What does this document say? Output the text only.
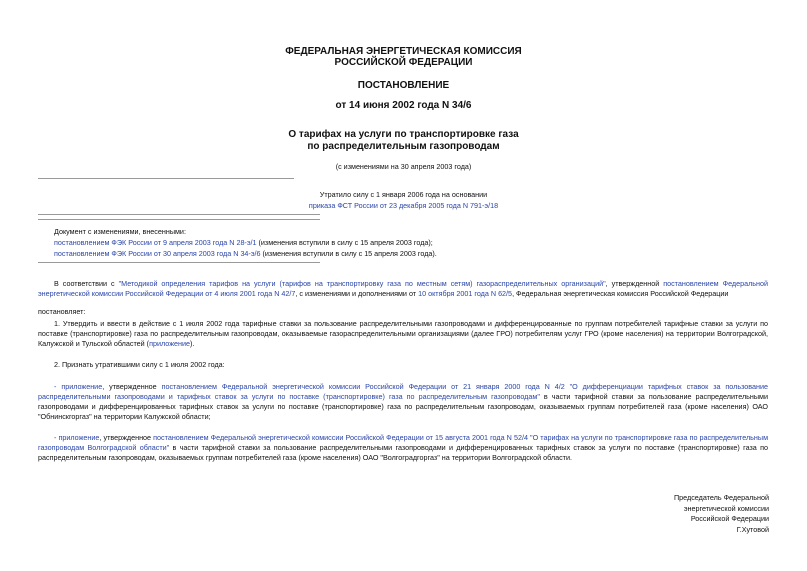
ФЕДЕРАЛЬНАЯ ЭНЕРГЕТИЧЕСКАЯ КОМИССИЯ
РОССИЙСКОЙ ФЕДЕРАЦИИ
ПОСТАНОВЛЕНИЕ
от 14 июня 2002 года N 34/6
О тарифах на услуги по транспортировке газа
по распределительным газопроводам
(с изменениями на 30 апреля 2003 года)
Утратило силу с 1 января 2006 года на основании
приказа ФСТ России от 23 декабря 2005 года N 791-э/18
Документ с изменениями, внесенными:
постановлением ФЭК России от 9 апреля 2003 года N 28-э/1 (изменения вступили в силу с 15 апреля 2003 года);
постановлением ФЭК России от 30 апреля 2003 года N 34-э/6 (изменения вступили в силу с 15 апреля 2003 года).

В соответствии с "Методикой определения тарифов на услуги (тарифов на транспортировку газа по местным сетям) газораспределительных организаций", утвержденной постановлением Федеральной энергетической комиссии Российской Федерации от 4 июля 2001 года N 42/7, с изменениями и дополнениями от 10 октября 2001 года N 62/5, Федеральная энергетическая комиссия Российской Федерации

постановляет:

1. Утвердить и ввести в действие с 1 июля 2002 года тарифные ставки за пользование распределительными газопроводами и дифференцированные по группам потребителей тарифные ставки за услуги по поставке (транспортировке) газа по распределительным газопроводам, оказываемые газораспределительными организациями (далее ГРО) потребителям услуг ГРО (кроме населения) на территории Волгоградской, Калужской и Тульской областей (приложение).

2. Признать утратившими силу с 1 июля 2002 года:

- приложение, утвержденное постановлением Федеральной энергетической комиссии Российской Федерации от 21 января 2000 года N 4/2 "О дифференциации тарифных ставок за пользование распределительными газопроводами и тарифных ставок за услуги по поставке (транспортировке) газа по распределительным газопроводам" в части тарифной ставки за пользование распределительными газопроводами и дифференцированных тарифных ставок за услуги по поставке (транспортировке) газа по распределительным газопроводам, оказываемых группам потребителей газа (кроме населения) ОАО "Обнинскгоргаз" на территории Калужской области;

- приложение, утвержденное постановлением Федеральной энергетической комиссии Российской Федерации от 15 августа 2001 года N 52/4 "О тарифах на услуги по транспортировке газа по распределительным газопроводам Волгоградской области" в части тарифной ставки за пользование распределительными газопроводами и дифференцированных тарифных ставок за услуги по поставке (транспортировке) газа по распределительным газопроводам, оказываемых группам потребителей газа (кроме населения) ОАО "Волгоградгоргаз" на территории Волгоградской области.

Председатель Федеральной
энергетической комиссии
Российской Федерации
Г.Хутовой
